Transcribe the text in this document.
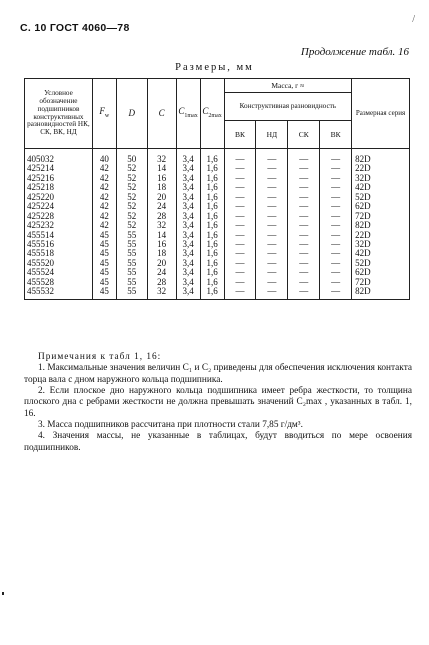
С. 10 ГОСТ 4060—78
/
Продолжение табл. 16
Размеры, мм
Условное обозначение подшипников конструктивных разновидностей НК, СК, ВК, НД	$F_w$	D	C	$C_{1max}$	$C_{2max}$	Масса, г ≈				Размерная серия
						Конструктивная разновидность				
						ВК	НД	СК	ВК	
405032	40	50	32	3,4	1,6	—	—	—	—	82D
425214	42	52	14	3,4	1,6	—	—	—	—	22D
425216	42	52	16	3,4	1,6	—	—	—	—	32D
425218	42	52	18	3,4	1,6	—	—	—	—	42D
425220	42	52	20	3,4	1,6	—	—	—	—	52D
425224	42	52	24	3,4	1,6	—	—	—	—	62D
425228	42	52	28	3,4	1,6	—	—	—	—	72D
425232	42	52	32	3,4	1,6	—	—	—	—	82D
455514	45	55	14	3,4	1,6	—	—	—	—	22D
455516	45	55	16	3,4	1,6	—	—	—	—	32D
455518	45	55	18	3,4	1,6	—	—	—	—	42D
455520	45	55	20	3,4	1,6	—	—	—	—	52D
455524	45	55	24	3,4	1,6	—	—	—	—	62D
455528	45	55	28	3,4	1,6	—	—	—	—	72D
455532	45	55	32	3,4	1,6	—	—	—	—	82D
Примечания к табл 1, 16:

1. Максимальные значения величин C₁ и C₂ приведены для обеспечения исключения контакта торца вала с дном наружного кольца подшипника.

2. Если плоское дно наружного кольца подшипника имеет ребра жесткости, то толщина плоского дна с ребрами жесткости не должна превышать значений C₂max , указанных в табл. 1, 16.

3. Масса подшипников рассчитана при плотности стали 7,85 г/дм³.

4. Значения массы, не указанные в таблицах, будут вводиться по мере освоения подшипников.
